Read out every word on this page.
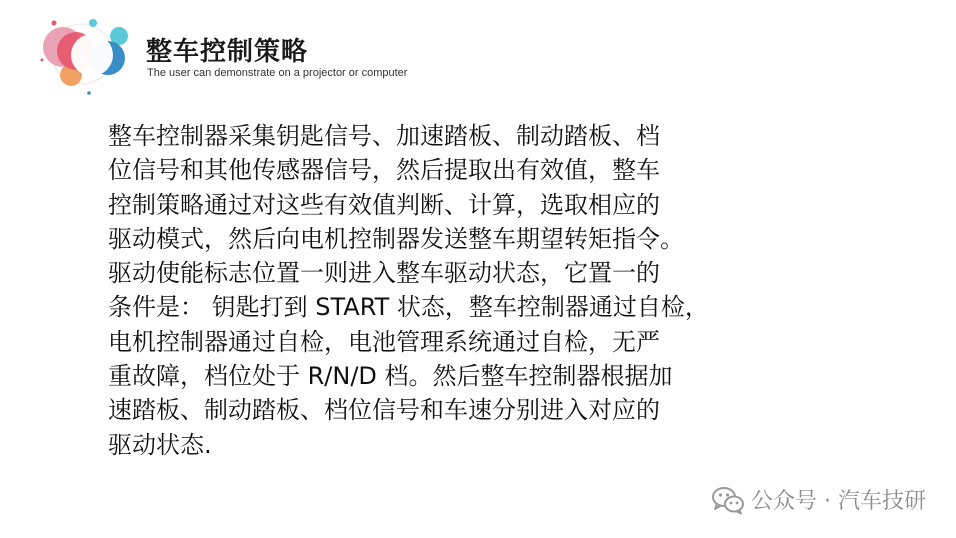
整车控制策略
The user can demonstrate on a projector or computer
整车控制器采集钥匙信号、加速踏板、制动踏板、档
位信号和其他传感器信号，然后提取出有效值，整车
控制策略通过对这些有效值判断、计算，选取相应的
驱动模式，然后向电机控制器发送整车期望转矩指令。
驱动使能标志位置一则进入整车驱动状态，它置一的
条件是： 钥匙打到 START 状态，整车控制器通过自检，
电机控制器通过自检，电池管理系统通过自检，无严
重故障，档位处于 R/N/D 档。然后整车控制器根据加
速踏板、制动踏板、档位信号和车速分别进入对应的
驱动状态.
公众号 · 汽车技研
